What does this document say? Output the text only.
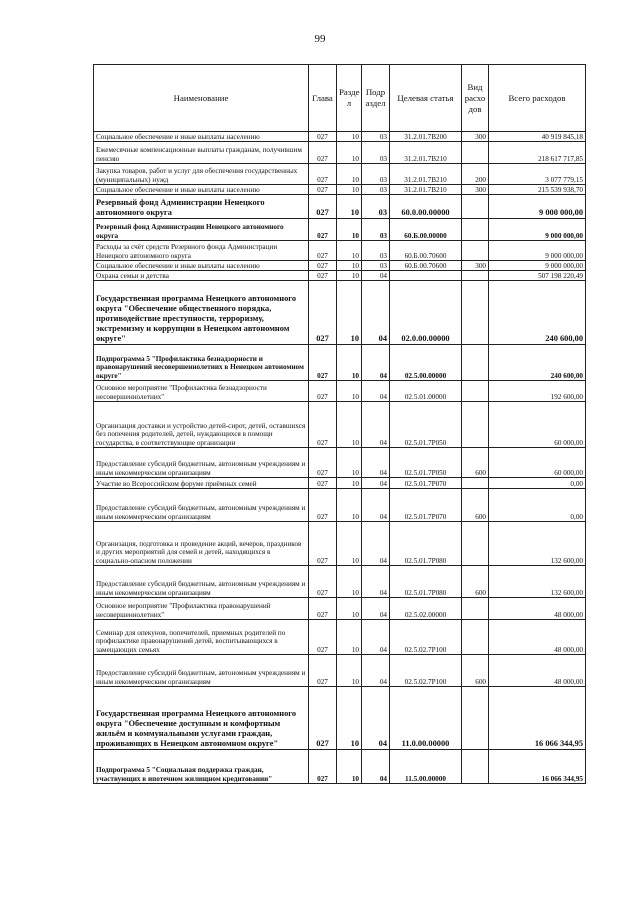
99
Наименование	Глава	Разде л	Подр аздел	Целевая статья	Вид расхо дов	Всего расходов
Социальное обеспечение и иные выплаты населению	027	10	03	31.2.01.7В200	300	40 919 845,18
Ежемесячные компенсационные выплаты гражданам, получившим пенсию	027	10	03	31.2.01.7В210		218 617 717,85
Закупка товаров, работ и услуг для обеспечения государственных (муниципальных) нужд	027	10	03	31.2.01.7В210	200	3 077 779,15
Социальное обеспечение и иные выплаты населению	027	10	03	31.2.01.7В210	300	215 539 938,70
Резервный фонд Администрации Ненецкого автономного округа	027	10	03	60.0.00.00000		9 000 000,00
Резервный фонд Администрации Ненецкого автономного округа	027	10	03	60.Б.00.00000		9 000 000,00
Расходы за счёт средств Резервного фонда Администрации Ненецкого автономного округа	027	10	03	60.Б.00.70600		9 000 000,00
Социальное обеспечение и иные выплаты населению	027	10	03	60.Б.00.70600	300	9 000 000,00
Охрана семьи и детства	027	10	04			507 198 220,49
Государственная программа Ненецкого автономного округа "Обеспечение общественного порядка, противодействие преступности, терроризму, экстремизму и коррупции в Ненецком автономном округе"	027	10	04	02.0.00.00000		240 600,00
Подпрограмма 5 "Профилактика безнадзорности и правонарушений несовершеннолетних в Ненецком автономном округе"	027	10	04	02.5.00.00000		240 600,00
Основное мероприятие "Профилактика безнадзорности несовершеннолетних"	027	10	04	02.5.01.00000		192 600,00
Организация доставки и устройство детей-сирот, детей, оставшихся без попечения родителей, детей, нуждающихся в помощи государства, в соответствующие организации	027	10	04	02.5.01.7Р050		60 000,00
Предоставление субсидий бюджетным, автономным учреждениям и иным некоммерческим организациям	027	10	04	02.5.01.7Р050	600	60 000,00
Участие во Всероссийском форуме приёмных семей	027	10	04	02.5.01.7Р070		0,00
Предоставление субсидий бюджетным, автономным учреждениям и иным некоммерческим организациям	027	10	04	02.5.01.7Р070	600	0,00
Организация, подготовка и проведение акций, вечеров, праздников и других мероприятий для семей и детей, находящихся в социально-опасном положении	027	10	04	02.5.01.7Р080		132 600,00
Предоставление субсидий бюджетным, автономным учреждениям и иным некоммерческим организациям	027	10	04	02.5.01.7Р080	600	132 600,00
Основное мероприятие "Профилактика правонарушений несовершеннолетних"	027	10	04	02.5.02.00000		48 000,00
Семинар для опекунов, попечителей, приемных родителей по профилактике правонарушений детей, воспитывающихся в замещающих семьях	027	10	04	02.5.02.7Р100		48 000,00
Предоставление субсидий бюджетным, автономным учреждениям и иным некоммерческим организациям	027	10	04	02.5.02.7Р100	600	48 000,00
Государственная программа Ненецкого автономного округа "Обеспечение доступным и комфортным жильём и коммунальными услугами граждан, проживающих в Ненецком автономном округе"	027	10	04	11.0.00.00000		16 066 344,95
Подпрограмма 5 "Социальная поддержка граждан, участвующих в ипотечном жилищном кредитовании"	027	10	04	11.5.00.00000		16 066 344,95
